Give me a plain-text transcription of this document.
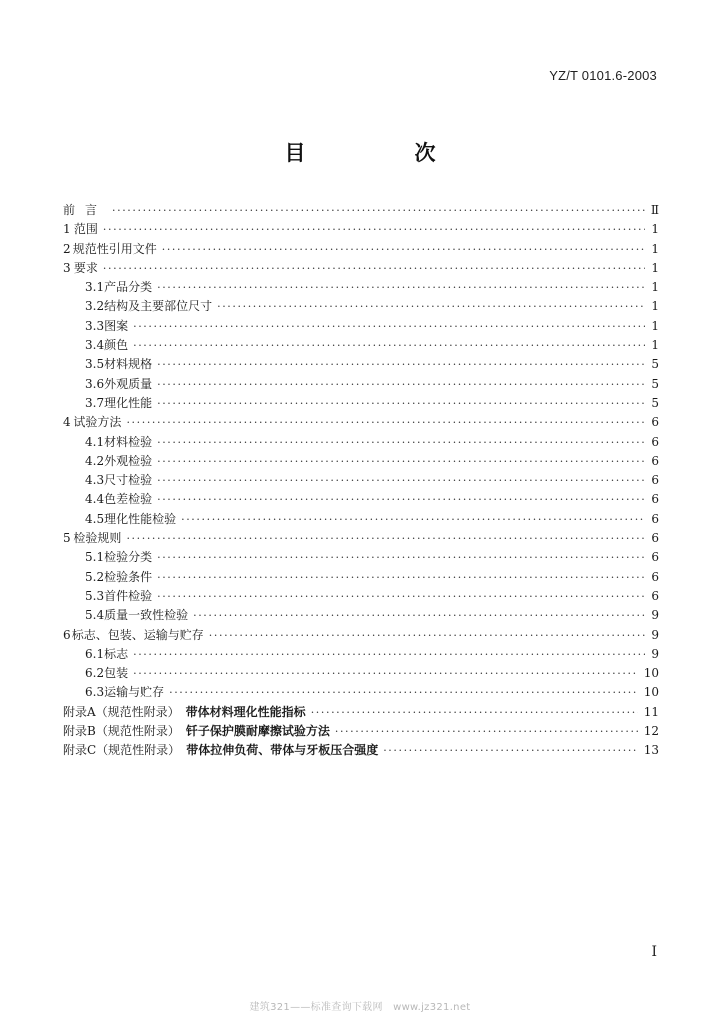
YZ/T 0101.6-2003
目　次
前言 ·····	Ⅱ
1 范围 ·····	1
2 规范性引用文件 ·····	1
3 要求 ·····	1
3.1 产品分类 ·····	1
3.2 结构及主要部位尺寸 ·····	1
3.3 图案 ·····	1
3.4 颜色 ·····	1
3.5 材料规格 ·····	5
3.6 外观质量 ·····	5
3.7 理化性能 ·····	5
4 试验方法 ·····	6
4.1 材料检验 ·····	6
4.2 外观检验 ·····	6
4.3 尺寸检验 ·····	6
4.4 色差检验 ·····	6
4.5 理化性能检验 ·····	6
5 检验规则 ·····	6
5.1 检验分类 ·····	6
5.2 检验条件 ·····	6
5.3 首件检验 ·····	6
5.4 质量一致性检验 ·····	9
6 标志、包装、运输与贮存 ·····	9
6.1 标志 ·····	9
6.2 包装 ·····	10
6.3 运输与贮存 ·····	10
附录A（规范性附录） 带体材料理化性能指标 ·····	11
附录B（规范性附录） 钎子保护膜耐摩擦试验方法 ·····	12
附录C（规范性附录） 带体拉伸负荷、带体与牙板压合强度 ·····	13
I
建筑321——标准查询下载网　www.jz321.net
